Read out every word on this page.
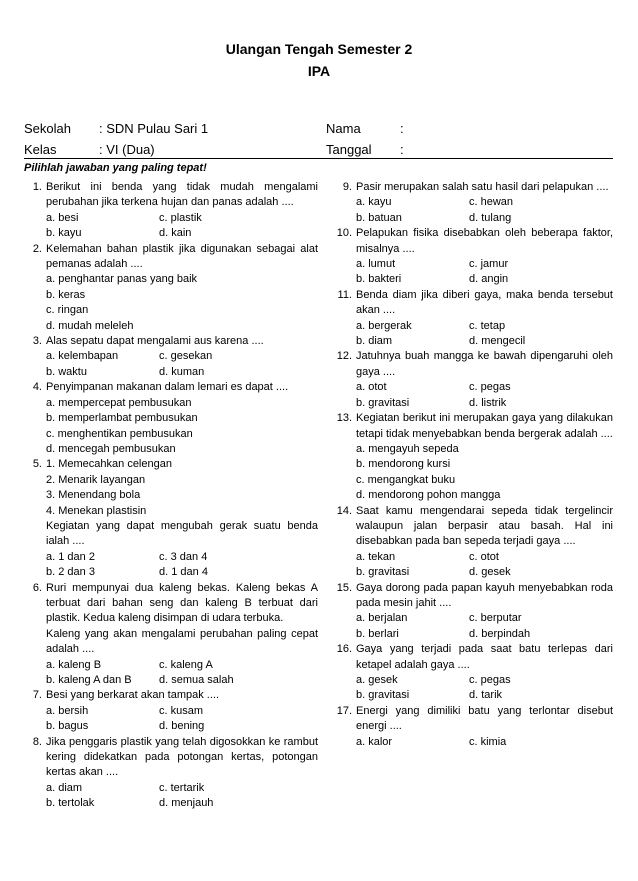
Ulangan Tengah Semester 2
IPA
Sekolah : SDN Pulau Sari 1
Kelas	: VI (Dua)
Nama	:
Tanggal :
Pilihlah jawaban yang paling tepat!
1. Berikut ini benda yang tidak mudah mengalami perubahan jika terkena hujan dan panas adalah ....
a. besi	c. plastik
b. kayu	d. kain
2. Kelemahan bahan plastik jika digunakan sebagai alat pemanas adalah ....
a. penghantar panas yang baik
b. keras
c. ringan
d. mudah meleleh
3. Alas sepatu dapat mengalami aus karena ....
a. kelembapan	c. gesekan
b. waktu	d. kuman
4. Penyimpanan makanan dalam lemari es dapat ....
a. mempercepat pembusukan
b. memperlambat pembusukan
c. menghentikan pembusukan
d. mencegah pembusukan
5. 1. Memecahkan celengan
2. Menarik layangan
3. Menendang bola
4. Menekan plastisin
Kegiatan yang dapat mengubah gerak suatu benda ialah ....
a. 1 dan 2	c. 3 dan 4
b. 2 dan 3	d. 1 dan 4
6. Ruri mempunyai dua kaleng bekas. Kaleng bekas A terbuat dari bahan seng dan kaleng B terbuat dari plastik. Kedua kaleng disimpan di udara terbuka.
Kaleng yang akan mengalami perubahan paling cepat adalah ....
a. kaleng B	c. kaleng A
b. kaleng A dan B	d. semua salah
7. Besi yang berkarat akan tampak ....
a. bersih	c. kusam
b. bagus	d. bening
8. Jika penggaris plastik yang telah digosokkan ke rambut kering didekatkan pada potongan kertas, potongan kertas akan ....
a. diam	c. tertarik
b. tertolak	d. menjauh
9. Pasir merupakan salah satu hasil dari pelapukan ....
a. kayu	c. hewan
b. batuan	d. tulang
10. Pelapukan fisika disebabkan oleh beberapa faktor, misalnya ....
a. lumut	c. jamur
b. bakteri	d. angin
11. Benda diam jika diberi gaya, maka benda tersebut akan ....
a. bergerak	c. tetap
b. diam	d. mengecil
12. Jatuhnya buah mangga ke bawah dipengaruhi oleh gaya ....
a. otot	c. pegas
b. gravitasi	d. listrik
13. Kegiatan berikut ini merupakan gaya yang dilakukan tetapi tidak menyebabkan benda bergerak adalah ....
a. mengayuh sepeda
b. mendorong kursi
c. mengangkat buku
d. mendorong pohon mangga
14. Saat kamu mengendarai sepeda tidak tergelincir walaupun jalan berpasir atau basah. Hal ini disebabkan pada ban sepeda terjadi gaya ....
a. tekan	c. otot
b. gravitasi	d. gesek
15. Gaya dorong pada papan kayuh menyebabkan roda pada mesin jahit ....
a. berjalan	c. berputar
b. berlari	d. berpindah
16. Gaya yang terjadi pada saat batu terlepas dari ketapel adalah gaya ....
a. gesek	c. pegas
b. gravitasi	d. tarik
17. Energi yang dimiliki batu yang terlontar disebut energi ....
a. kalor	c. kimia
